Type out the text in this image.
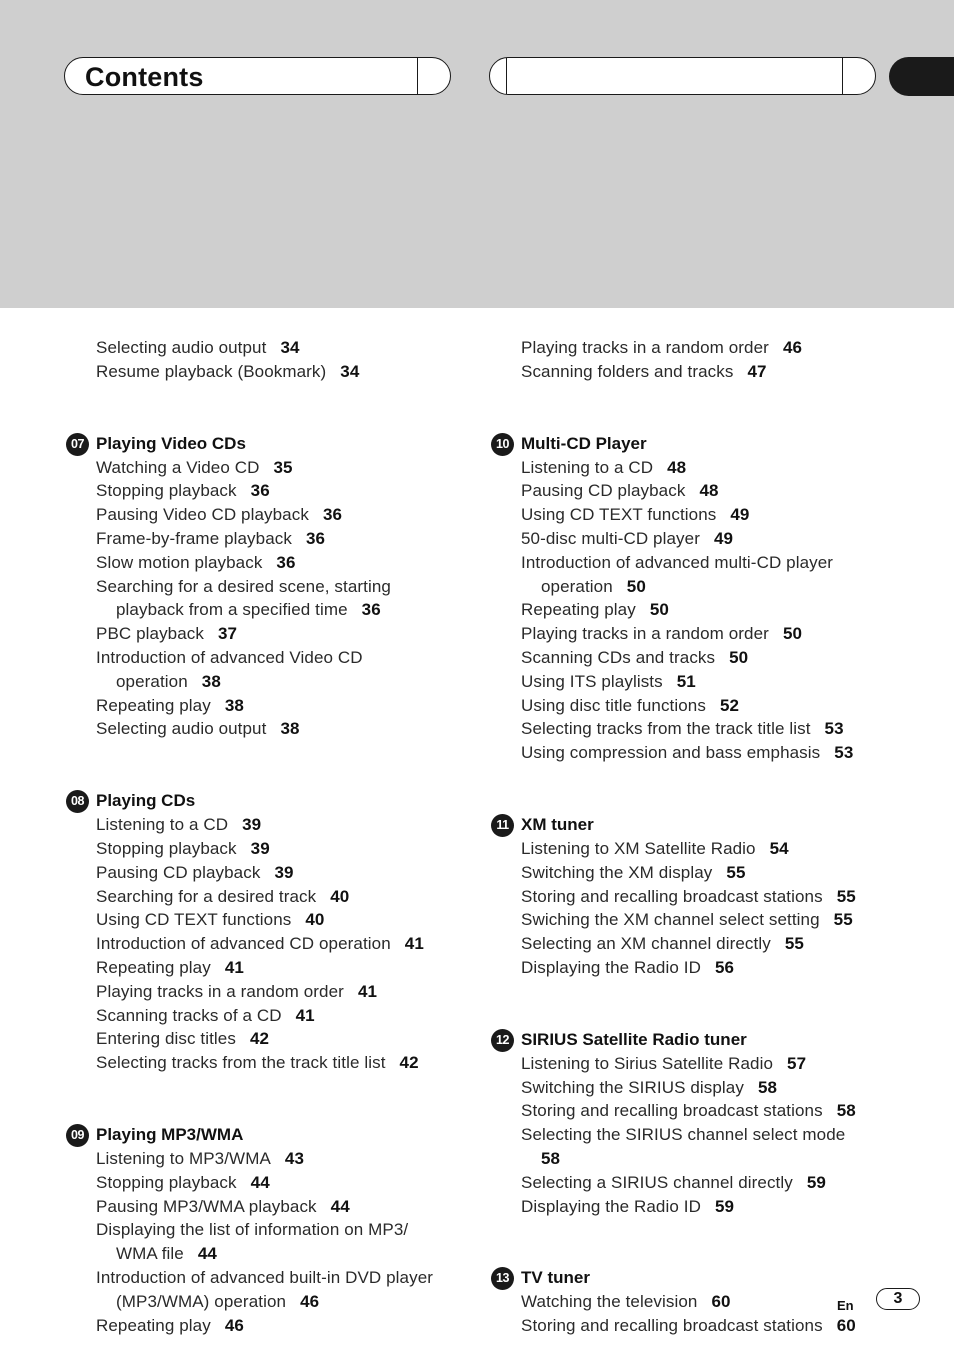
Contents
Selecting audio output 34
Resume playback (Bookmark) 34
07 Playing Video CDs
Watching a Video CD 35
Stopping playback 36
Pausing Video CD playback 36
Frame-by-frame playback 36
Slow motion playback 36
Searching for a desired scene, starting
playback from a specified time 36
PBC playback 37
Introduction of advanced Video CD
operation 38
Repeating play 38
Selecting audio output 38
08 Playing CDs
Listening to a CD 39
Stopping playback 39
Pausing CD playback 39
Searching for a desired track 40
Using CD TEXT functions 40
Introduction of advanced CD operation 41
Repeating play 41
Playing tracks in a random order 41
Scanning tracks of a CD 41
Entering disc titles 42
Selecting tracks from the track title list 42
09 Playing MP3/WMA
Listening to MP3/WMA 43
Stopping playback 44
Pausing MP3/WMA playback 44
Displaying the list of information on MP3/
WMA file 44
Introduction of advanced built-in DVD player
(MP3/WMA) operation 46
Repeating play 46
Playing tracks in a random order 46
Scanning folders and tracks 47
10 Multi-CD Player
Listening to a CD 48
Pausing CD playback 48
Using CD TEXT functions 49
50-disc multi-CD player 49
Introduction of advanced multi-CD player
operation 50
Repeating play 50
Playing tracks in a random order 50
Scanning CDs and tracks 50
Using ITS playlists 51
Using disc title functions 52
Selecting tracks from the track title list 53
Using compression and bass emphasis 53
11 XM tuner
Listening to XM Satellite Radio 54
Switching the XM display 55
Storing and recalling broadcast stations 55
Swiching the XM channel select setting 55
Selecting an XM channel directly 55
Displaying the Radio ID 56
12 SIRIUS Satellite Radio tuner
Listening to Sirius Satellite Radio 57
Switching the SIRIUS display 58
Storing and recalling broadcast stations 58
Selecting the SIRIUS channel select mode
58
Selecting a SIRIUS channel directly 59
Displaying the Radio ID 59
13 TV tuner
Watching the television 60
Storing and recalling broadcast stations 60
En	3
